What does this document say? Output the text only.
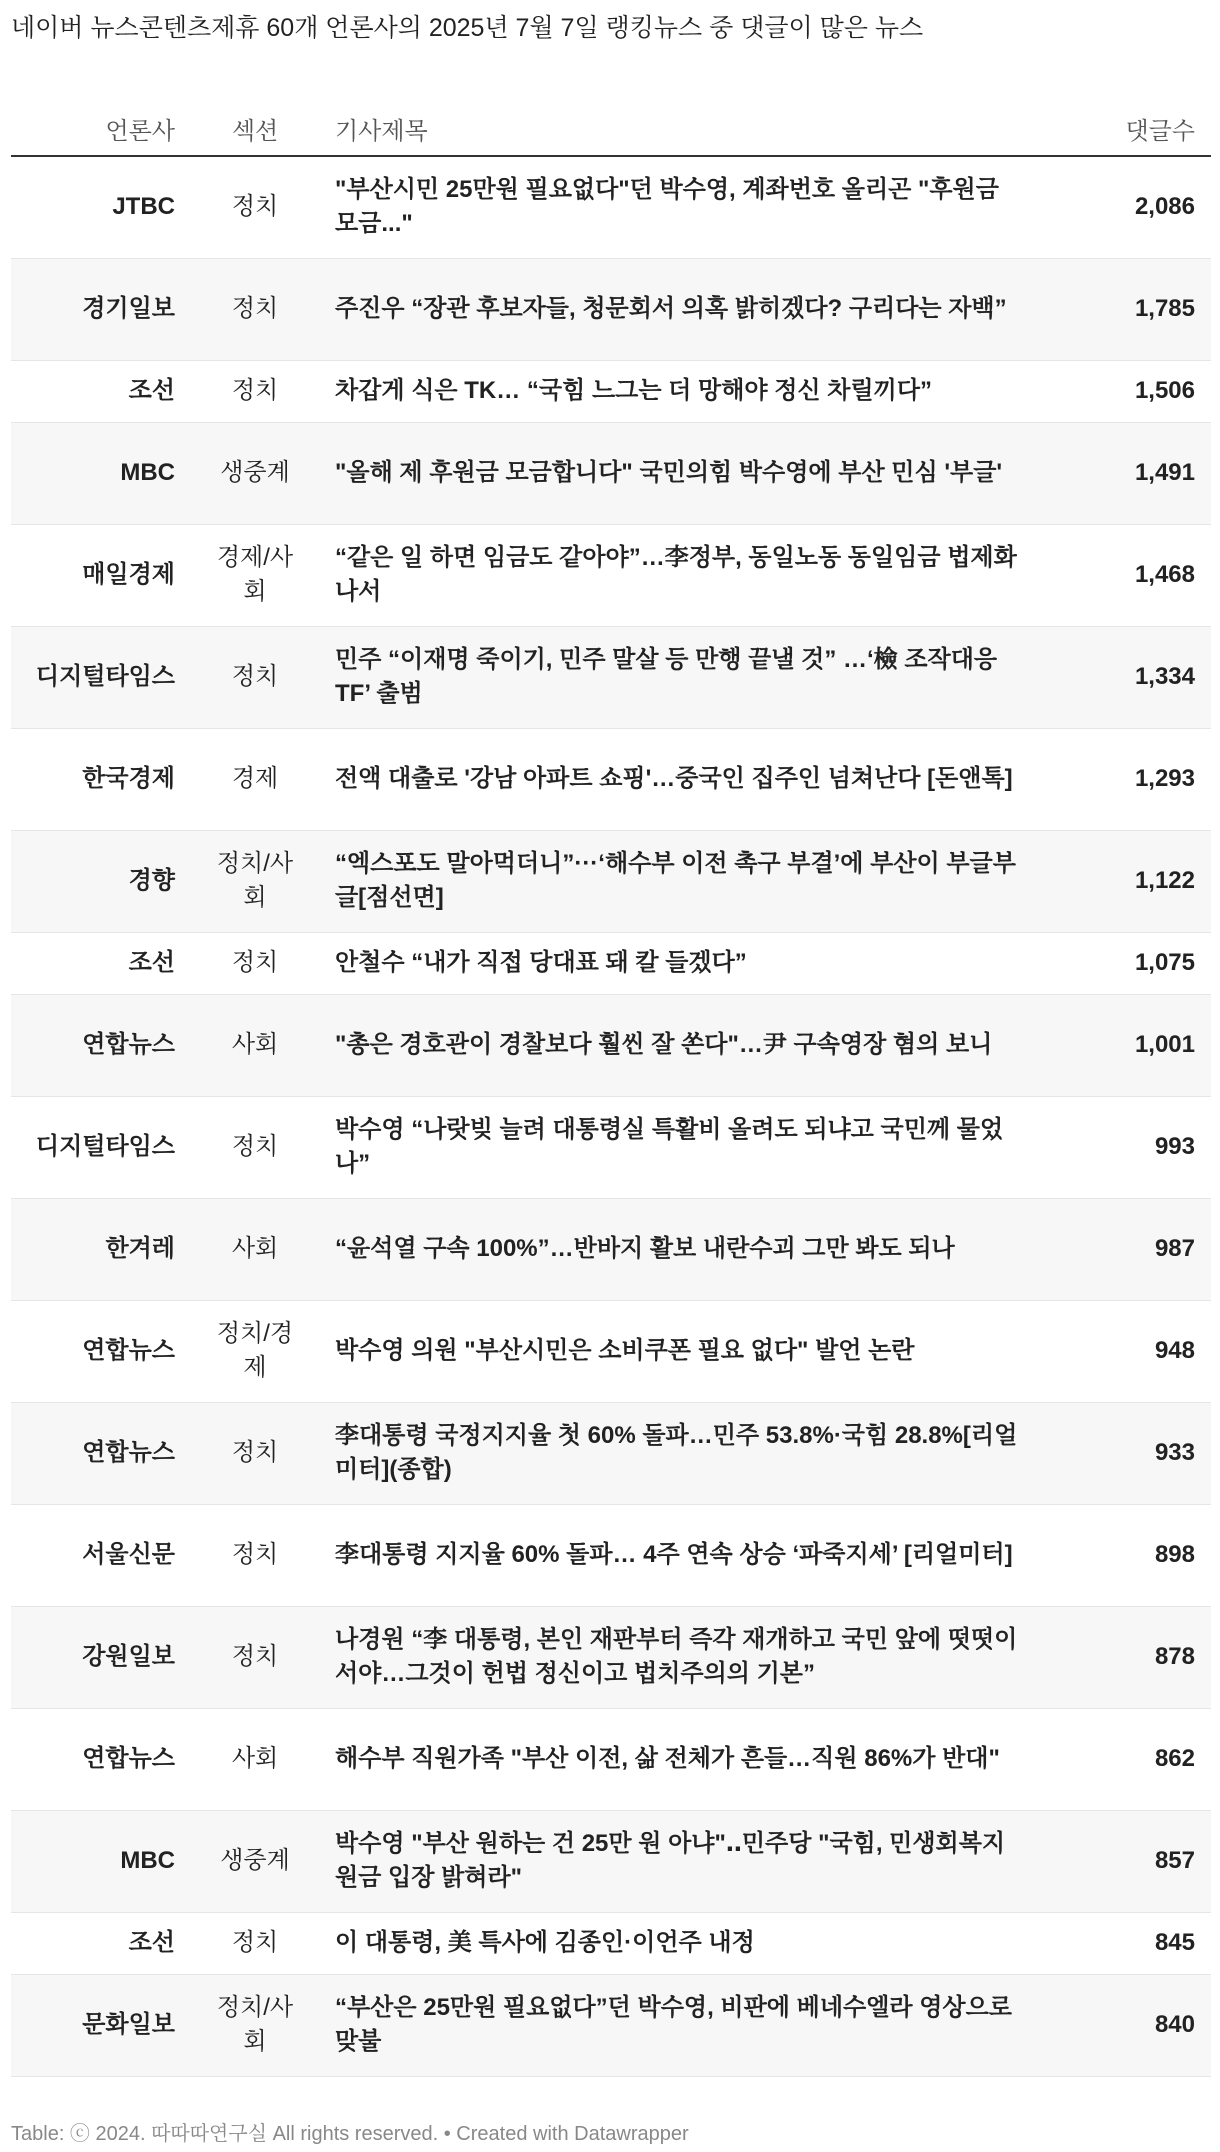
네이버 뉴스콘텐츠제휴 60개 언론사의 2025년 7월 7일 랭킹뉴스 중 댓글이 많은 뉴스
언론사	섹션	기사제목	댓글수
JTBC	정치	"부산시민 25만원 필요없다"던 박수영, 계좌번호 올리곤 "후원금 모금..."	2,086
경기일보	정치	주진우 “장관 후보자들, 청문회서 의혹 밝히겠다? 구리다는 자백”	1,785
조선	정치	차갑게 식은 TK… “국힘 느그는 더 망해야 정신 차릴끼다”	1,506
MBC	생중계	"올해 제 후원금 모금합니다" 국민의힘 박수영에 부산 민심 '부글'	1,491
매일경제	경제/사회	“같은 일 하면 임금도 같아야”…李정부, 동일노동 동일임금 법제화 나서	1,468
디지털타임스	정치	민주 “이재명 죽이기, 민주 말살 등 만행 끝낼 것” …‘檢 조작대응 TF’ 출범	1,334
한국경제	경제	전액 대출로 '강남 아파트 쇼핑'…중국인 집주인 넘쳐난다 [돈앤톡]	1,293
경향	정치/사회	“엑스포도 말아먹더니”···‘해수부 이전 촉구 부결’에 부산이 부글부글[점선면]	1,122
조선	정치	안철수 “내가 직접 당대표 돼 칼 들겠다”	1,075
연합뉴스	사회	"총은 경호관이 경찰보다 훨씬 잘 쏜다"…尹 구속영장 혐의 보니	1,001
디지털타임스	정치	박수영 “나랏빚 늘려 대통령실 특활비 올려도 되냐고 국민께 물었나”	993
한겨레	사회	“윤석열 구속 100%”…반바지 활보 내란수괴 그만 봐도 되나	987
연합뉴스	정치/경제	박수영 의원 "부산시민은 소비쿠폰 필요 없다" 발언 논란	948
연합뉴스	정치	李대통령 국정지지율 첫 60% 돌파…민주 53.8%·국힘 28.8%[리얼미터](종합)	933
서울신문	정치	李대통령 지지율 60% 돌파… 4주 연속 상승 ‘파죽지세’ [리얼미터]	898
강원일보	정치	나경원 “李 대통령, 본인 재판부터 즉각 재개하고 국민 앞에 떳떳이 서야…그것이 헌법 정신이고 법치주의의 기본”	878
연합뉴스	사회	해수부 직원가족 "부산 이전, 삶 전체가 흔들…직원 86%가 반대"	862
MBC	생중계	박수영 "부산 원하는 건 25만 원 아냐"‥민주당 "국힘, 민생회복지원금 입장 밝혀라"	857
조선	정치	이 대통령, 美 특사에 김종인·이언주 내정	845
문화일보	정치/사회	“부산은 25만원 필요없다”던 박수영, 비판에 베네수엘라 영상으로 맞불	840
Table: ⓒ 2024. 따따따연구실 All rights reserved. • Created with Datawrapper
